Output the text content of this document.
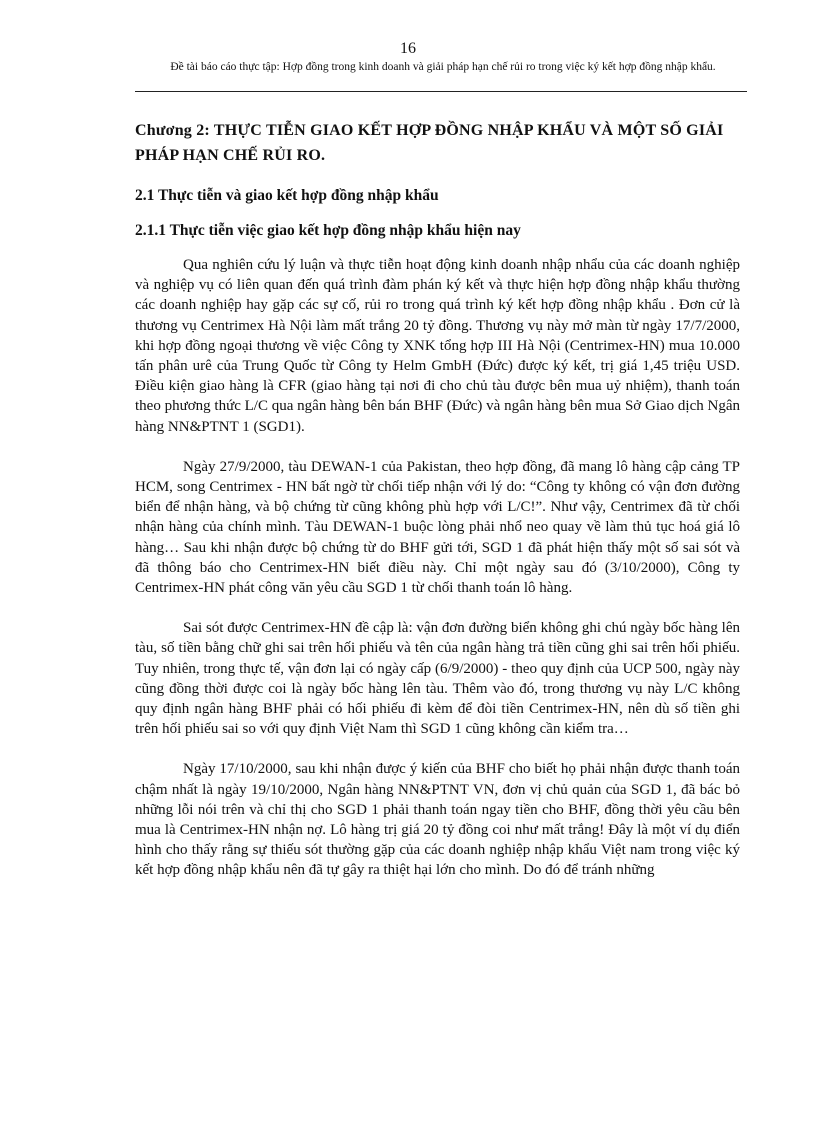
16
Đề tài báo cáo thực tập: Hợp đồng trong kinh doanh và giải pháp hạn chế rủi ro trong việc ký kết hợp đồng nhập khẩu.
Chương 2: THỰC TIỄN GIAO KẾT HỢP ĐỒNG NHẬP KHẨU VÀ MỘT SỐ GIẢI PHÁP HẠN CHẾ RỦI RO.
2.1 Thực tiễn và giao kết hợp đồng nhập khẩu
2.1.1 Thực tiễn việc giao kết hợp đồng nhập khẩu hiện nay

Qua nghiên cứu lý luận và thực tiễn hoạt động kinh doanh nhập nhẩu của các doanh nghiệp và nghiệp vụ có liên quan đến quá trình đàm phán ký kết và thực hiện hợp đồng nhập khẩu thường các doanh nghiệp hay gặp các sự cố, rủi ro trong quá trình ký kết hợp đồng nhập khẩu . Đơn cử là thương vụ Centrimex Hà Nội làm mất trắng 20 tỷ đồng. Thương vụ này mở màn từ ngày 17/7/2000, khi hợp đồng ngoại thương về việc Công ty XNK tổng hợp III Hà Nội (Centrimex-HN) mua 10.000 tấn phân urê của Trung Quốc từ Công ty Helm GmbH (Đức) được ký kết, trị giá 1,45 triệu USD. Điều kiện giao hàng là CFR (giao hàng tại nơi đi cho chủ tàu được bên mua uỷ nhiệm), thanh toán theo phương thức L/C qua ngân hàng bên bán BHF (Đức) và ngân hàng bên mua Sở Giao dịch Ngân hàng NN&PTNT 1 (SGD1).

Ngày 27/9/2000, tàu DEWAN-1 của Pakistan, theo hợp đồng, đã mang lô hàng cập cảng TP HCM, song Centrimex - HN bất ngờ từ chối tiếp nhận với lý do: “Công ty không có vận đơn đường biển để nhận hàng, và bộ chứng từ cũng không phù hợp với L/C!”. Như vậy, Centrimex đã từ chối nhận hàng của chính mình. Tàu DEWAN-1 buộc lòng phải nhổ neo quay về làm thủ tục hoá giá lô hàng… Sau khi nhận được bộ chứng từ do BHF gửi tới, SGD 1 đã phát hiện thấy một số sai sót và đã thông báo cho Centrimex-HN biết điều này. Chỉ một ngày sau đó (3/10/2000), Công ty Centrimex-HN phát công văn yêu cầu SGD 1 từ chối thanh toán lô hàng.

Sai sót được Centrimex-HN đề cập là: vận đơn đường biển không ghi chú ngày bốc hàng lên tàu, số tiền bằng chữ ghi sai trên hối phiếu và tên của ngân hàng trả tiền cũng ghi sai trên hối phiếu. Tuy nhiên, trong thực tế, vận đơn lại có ngày cấp (6/9/2000) - theo quy định của UCP 500, ngày này cũng đồng thời được coi là ngày bốc hàng lên tàu. Thêm vào đó, trong thương vụ này L/C không quy định ngân hàng BHF phải có hối phiếu đi kèm để đòi tiền Centrimex-HN, nên dù số tiền ghi trên hối phiếu sai so với quy định Việt Nam thì SGD 1 cũng không cần kiểm tra…

Ngày 17/10/2000, sau khi nhận được ý kiến của BHF cho biết họ phải nhận được thanh toán chậm nhất là ngày 19/10/2000, Ngân hàng NN&PTNT VN, đơn vị chủ quản của SGD 1, đã bác bỏ những lỗi nói trên và chỉ thị cho SGD 1 phải thanh toán ngay tiền cho BHF, đồng thời yêu cầu bên mua là Centrimex-HN nhận nợ. Lô hàng trị giá 20 tỷ đồng coi như mất trắng! Đây là một ví dụ điển hình cho thấy rằng sự thiếu sót thường gặp của các doanh nghiệp nhập khẩu Việt nam trong việc ký kết hợp đồng nhập khẩu nên đã tự gây ra thiệt hại lớn cho mình. Do đó để tránh những
